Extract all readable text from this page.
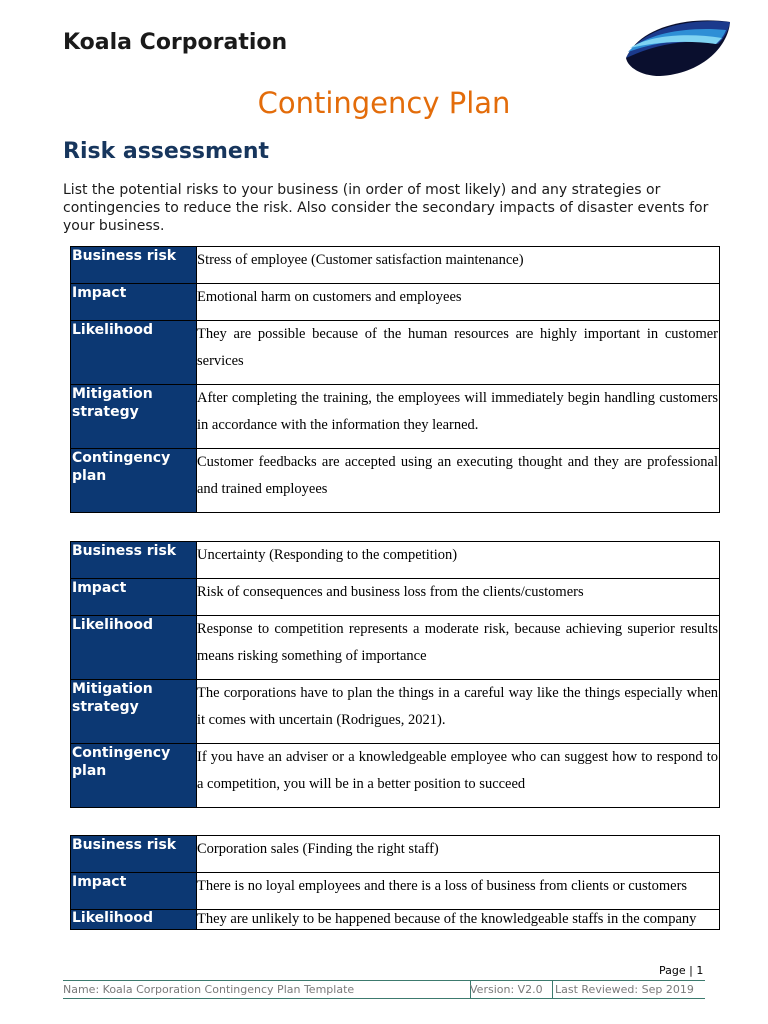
Koala Corporation
Contingency Plan
Risk assessment
List the potential risks to your business (in order of most likely) and any strategies or contingencies to reduce the risk. Also consider the secondary impacts of disaster events for your business.
Business risk	Stress of employee (Customer satisfaction maintenance)
Impact	Emotional harm on customers and employees
Likelihood	They are possible because of the human resources are highly important in customer services
Mitigation strategy	After completing the training, the employees will immediately begin handling customers in accordance with the information they learned.
Contingency plan	Customer feedbacks are accepted using an executing thought and they are professional and trained employees
Business risk	Uncertainty (Responding to the competition)
Impact	Risk of consequences and business loss from the clients/customers
Likelihood	Response to competition represents a moderate risk, because achieving superior results means risking something of importance
Mitigation strategy	The corporations have to plan the things in a careful way like the things especially when it comes with uncertain (Rodrigues, 2021).
Contingency plan	If you have an adviser or a knowledgeable employee who can suggest how to respond to a competition, you will be in a better position to succeed
Business risk	Corporation sales (Finding the right staff)
Impact	There is no loyal employees and there is a loss of business from clients or customers
Likelihood	They are unlikely to be happened because of the knowledgeable staffs in the company
Page | 1
Name: Koala Corporation Contingency Plan Template	Version: V2.0 Last Reviewed: Sep 2019
